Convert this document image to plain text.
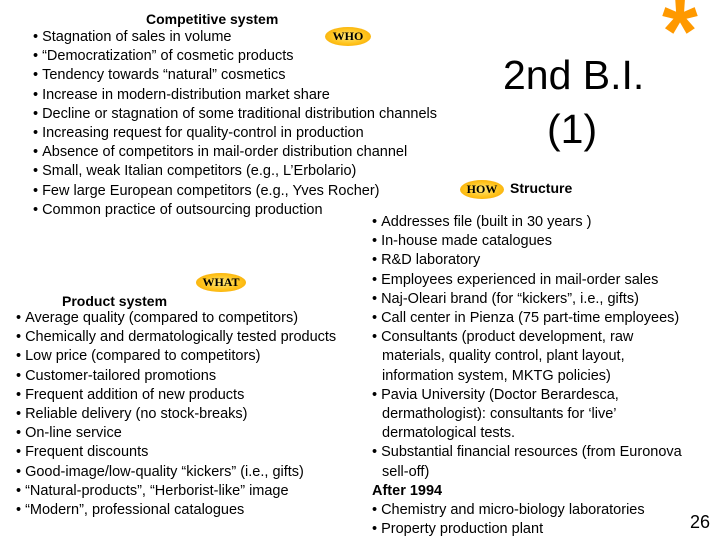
Competitive system
WHO
• Stagnation of sales in volume
• “Democratization” of cosmetic products
• Tendency towards “natural” cosmetics
• Increase in modern-distribution market share
• Decline or stagnation of some traditional distribution channels
• Increasing request for quality-control in production
• Absence of competitors in mail-order distribution channel
• Small, weak Italian competitors (e.g., L’Erbolario)
• Few large European competitors (e.g., Yves Rocher)
• Common practice of outsourcing production
*
2nd B.I.
(1)
HOW Structure
WHAT
Product system
• Average quality (compared to competitors)
• Chemically and dermatologically tested products
• Low price (compared to competitors)
• Customer-tailored promotions
• Frequent addition of new products
• Reliable delivery (no stock-breaks)
• On-line service
• Frequent discounts
• Good-image/low-quality “kickers” (i.e., gifts)
• “Natural-products”, “Herborist-like” image
• “Modern”, professional catalogues
• Addresses file (built in 30 years )
• In-house made catalogues
• R&D laboratory
• Employees experienced in mail-order sales
• Naj-Oleari brand (for “kickers”, i.e., gifts)
• Call center in Pienza (75 part-time employees)
• Consultants (product development, raw
materials, quality control, plant layout,
information system, MKTG policies)
• Pavia University (Doctor Berardesca,
dermathologist): consultants for ‘live’
dermatological tests.
• Substantial financial resources (from Euronova
sell-off)
After 1994
• Chemistry and micro-biology laboratories
• Property production plant	26
